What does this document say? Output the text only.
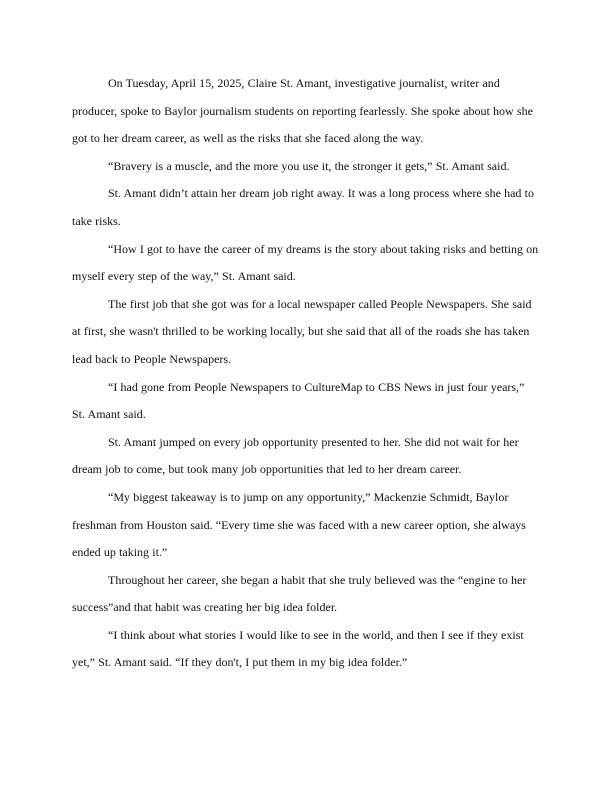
On Tuesday, April 15, 2025, Claire St. Amant, investigative journalist, writer and producer, spoke to Baylor journalism students on reporting fearlessly. She spoke about how she got to her dream career, as well as the risks that she faced along the way.

“Bravery is a muscle, and the more you use it, the stronger it gets,” St. Amant said.

St. Amant didn’t attain her dream job right away. It was a long process where she had to take risks.

“How I got to have the career of my dreams is the story about taking risks and betting on myself every step of the way,” St. Amant said.

The first job that she got was for a local newspaper called People Newspapers. She said at first, she wasn't thrilled to be working locally, but she said that all of the roads she has taken lead back to People Newspapers.

“I had gone from People Newspapers to CultureMap to CBS News in just four years,” St. Amant said.

St. Amant jumped on every job opportunity presented to her. She did not wait for her dream job to come, but took many job opportunities that led to her dream career.

“My biggest takeaway is to jump on any opportunity,” Mackenzie Schmidt, Baylor freshman from Houston said. “Every time she was faced with a new career option, she always ended up taking it.”

Throughout her career, she began a habit that she truly believed was the “engine to her success”and that habit was creating her big idea folder.

“I think about what stories I would like to see in the world, and then I see if they exist yet,” St. Amant said. “If they don't, I put them in my big idea folder.”
